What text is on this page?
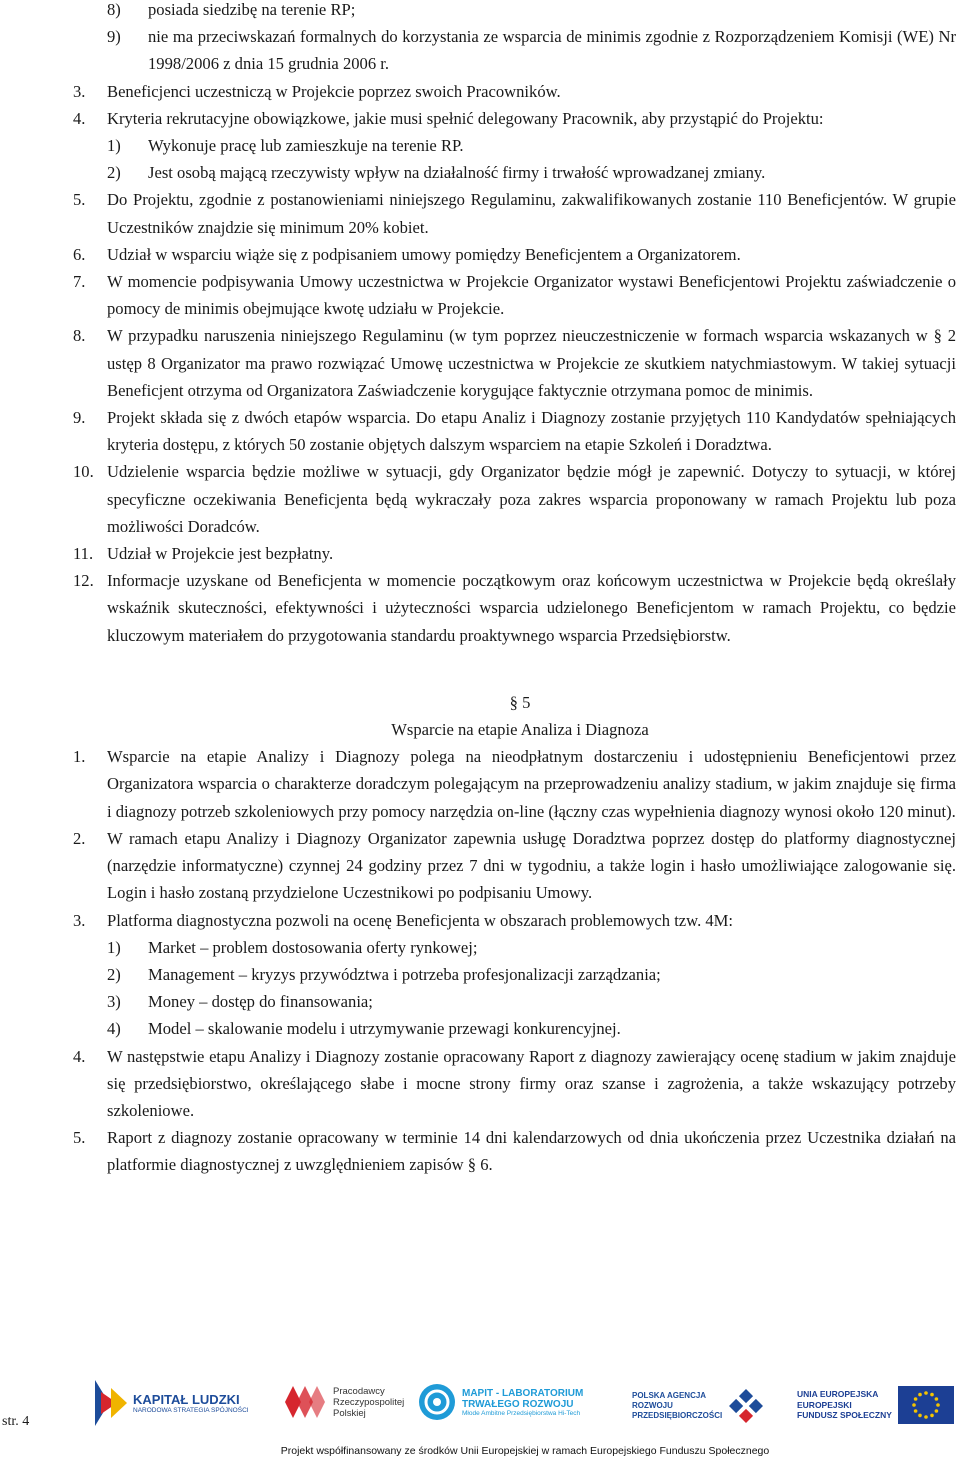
8) posiada siedzibę na terenie RP;
9) nie ma przeciwskazań formalnych do korzystania ze wsparcia de minimis zgodnie z Rozporządzeniem Komisji (WE) Nr 1998/2006 z dnia 15 grudnia 2006 r.
3. Beneficjenci uczestniczą w Projekcie poprzez swoich Pracowników.
4. Kryteria rekrutacyjne obowiązkowe, jakie musi spełnić delegowany Pracownik, aby przystąpić do Projektu:
1) Wykonuje pracę lub zamieszkuje na terenie RP.
2) Jest osobą mającą rzeczywisty wpływ na działalność firmy i trwałość wprowadzanej zmiany.
5. Do Projektu, zgodnie z postanowieniami niniejszego Regulaminu, zakwalifikowanych zostanie 110 Beneficjentów. W grupie Uczestników znajdzie się minimum 20% kobiet.
6. Udział w wsparciu wiąże się z podpisaniem umowy pomiędzy Beneficjentem a Organizatorem.
7. W momencie podpisywania Umowy uczestnictwa w Projekcie Organizator wystawi Beneficjentowi Projektu zaświadczenie o pomocy de minimis obejmujące kwotę udziału w Projekcie.
8. W przypadku naruszenia niniejszego Regulaminu (w tym poprzez nieuczestniczenie w formach wsparcia wskazanych w § 2 ustęp 8 Organizator ma prawo rozwiązać Umowę uczestnictwa w Projekcie ze skutkiem natychmiastowym. W takiej sytuacji Beneficjent otrzyma od Organizatora Zaświadczenie korygujące faktycznie otrzymana pomoc de minimis.
9. Projekt składa się z dwóch etapów wsparcia. Do etapu Analiz i Diagnozy zostanie przyjętych 110 Kandydatów spełniających kryteria dostępu, z których 50 zostanie objętych dalszym wsparciem na etapie Szkoleń i Doradztwa.
10. Udzielenie wsparcia będzie możliwe w sytuacji, gdy Organizator będzie mógł je zapewnić. Dotyczy to sytuacji, w której specyficzne oczekiwania Beneficjenta będą wykraczały poza zakres wsparcia proponowany w ramach Projektu lub poza możliwości Doradców.
11. Udział w Projekcie jest bezpłatny.
12. Informacje uzyskane od Beneficjenta w momencie początkowym oraz końcowym uczestnictwa w Projekcie będą określały wskaźnik skuteczności, efektywności i użyteczności wsparcia udzielonego Beneficjentom w ramach Projektu, co będzie kluczowym materiałem do przygotowania standardu proaktywnego wsparcia Przedsiębiorstw.
§ 5
Wsparcie na etapie Analiza i Diagnoza
1. Wsparcie na etapie Analizy i Diagnozy polega na nieodpłatnym dostarczeniu i udostępnieniu Beneficjentowi przez Organizatora wsparcia o charakterze doradczym polegającym na przeprowadzeniu analizy stadium, w jakim znajduje się firma i diagnozy potrzeb szkoleniowych przy pomocy narzędzia on-line (łączny czas wypełnienia diagnozy wynosi około 120 minut).
2. W ramach etapu Analizy i Diagnozy Organizator zapewnia usługę Doradztwa poprzez dostęp do platformy diagnostycznej (narzędzie informatyczne) czynnej 24 godziny przez 7 dni w tygodniu, a także login i hasło umożliwiające zalogowanie się. Login i hasło zostaną przydzielone Uczestnikowi po podpisaniu Umowy.
3. Platforma diagnostyczna pozwoli na ocenę Beneficjenta w obszarach problemowych tzw. 4M:
1) Market – problem dostosowania oferty rynkowej;
2) Management – kryzys przywództwa i potrzeba profesjonalizacji zarządzania;
3) Money – dostęp do finansowania;
4) Model – skalowanie modelu i utrzymywanie przewagi konkurencyjnej.
4. W następstwie etapu Analizy i Diagnozy zostanie opracowany Raport z diagnozy zawierający ocenę stadium w jakim znajduje się przedsiębiorstwo, określającego słabe i mocne strony firmy oraz szanse i zagrożenia, a także wskazujący potrzeby szkoleniowe.
5. Raport z diagnozy zostanie opracowany w terminie 14 dni kalendarzowych od dnia ukończenia przez Uczestnika działań na platformie diagnostycznej z uwzględnieniem zapisów § 6.
str. 4
KAPITAŁ LUDZKI
NARODOWA STRATEGIA SPÓJNOŚCI
Pracodawcy
Rzeczypospolitej
Polskiej
MAPIT - LABORATORIUM
TRWAŁEGO ROZWOJU
Młode Ambitne Przedsiębiorstwa Hi-Tech
POLSKA AGENCJA
ROZWOJU
PRZEDSIĘBIORCZOŚCI
UNIA EUROPEJSKA
EUROPEJSKI
FUNDUSZ SPOŁECZNY
Projekt współfinansowany ze środków Unii Europejskiej w ramach Europejskiego Funduszu Społecznego
